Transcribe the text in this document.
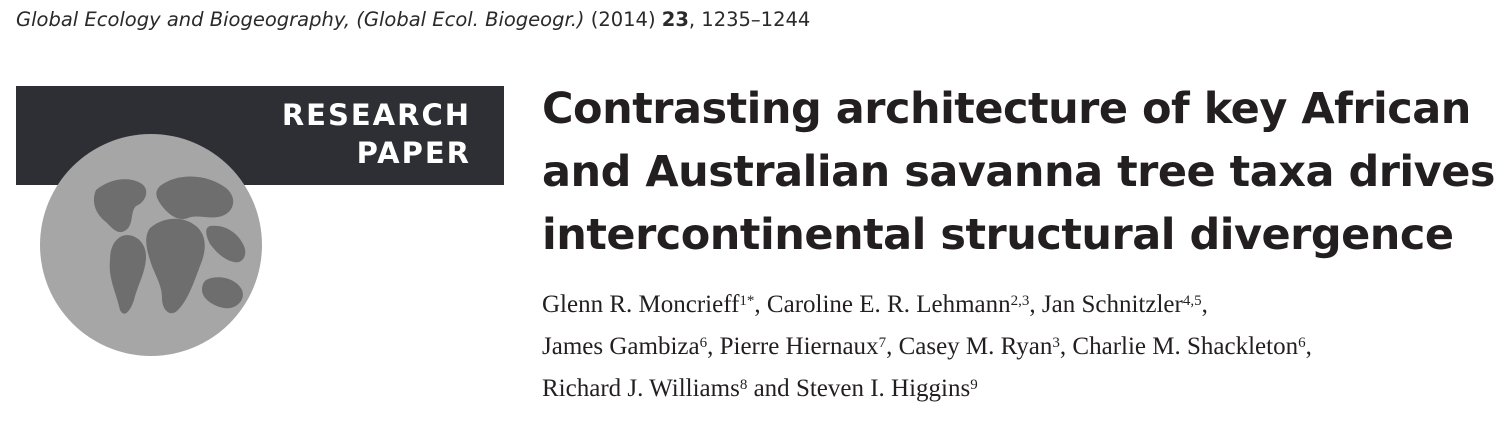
Global Ecology and Biogeography, (Global Ecol. Biogeogr.) (2014) 23, 1235–1244
RESEARCH
PAPER
Contrasting architecture of key African
and Australian savanna tree taxa drives
intercontinental structural divergence
Glenn R. Moncrieff$^{1*}$, Caroline E. R. Lehmann$^{2,3}$, Jan Schnitzler$^{4,5}$,
James Gambiza$^6$, Pierre Hiernaux$^7$, Casey M. Ryan$^3$, Charlie M. Shackleton$^6$,
Richard J. Williams$^8$ and Steven I. Higgins$^9$
